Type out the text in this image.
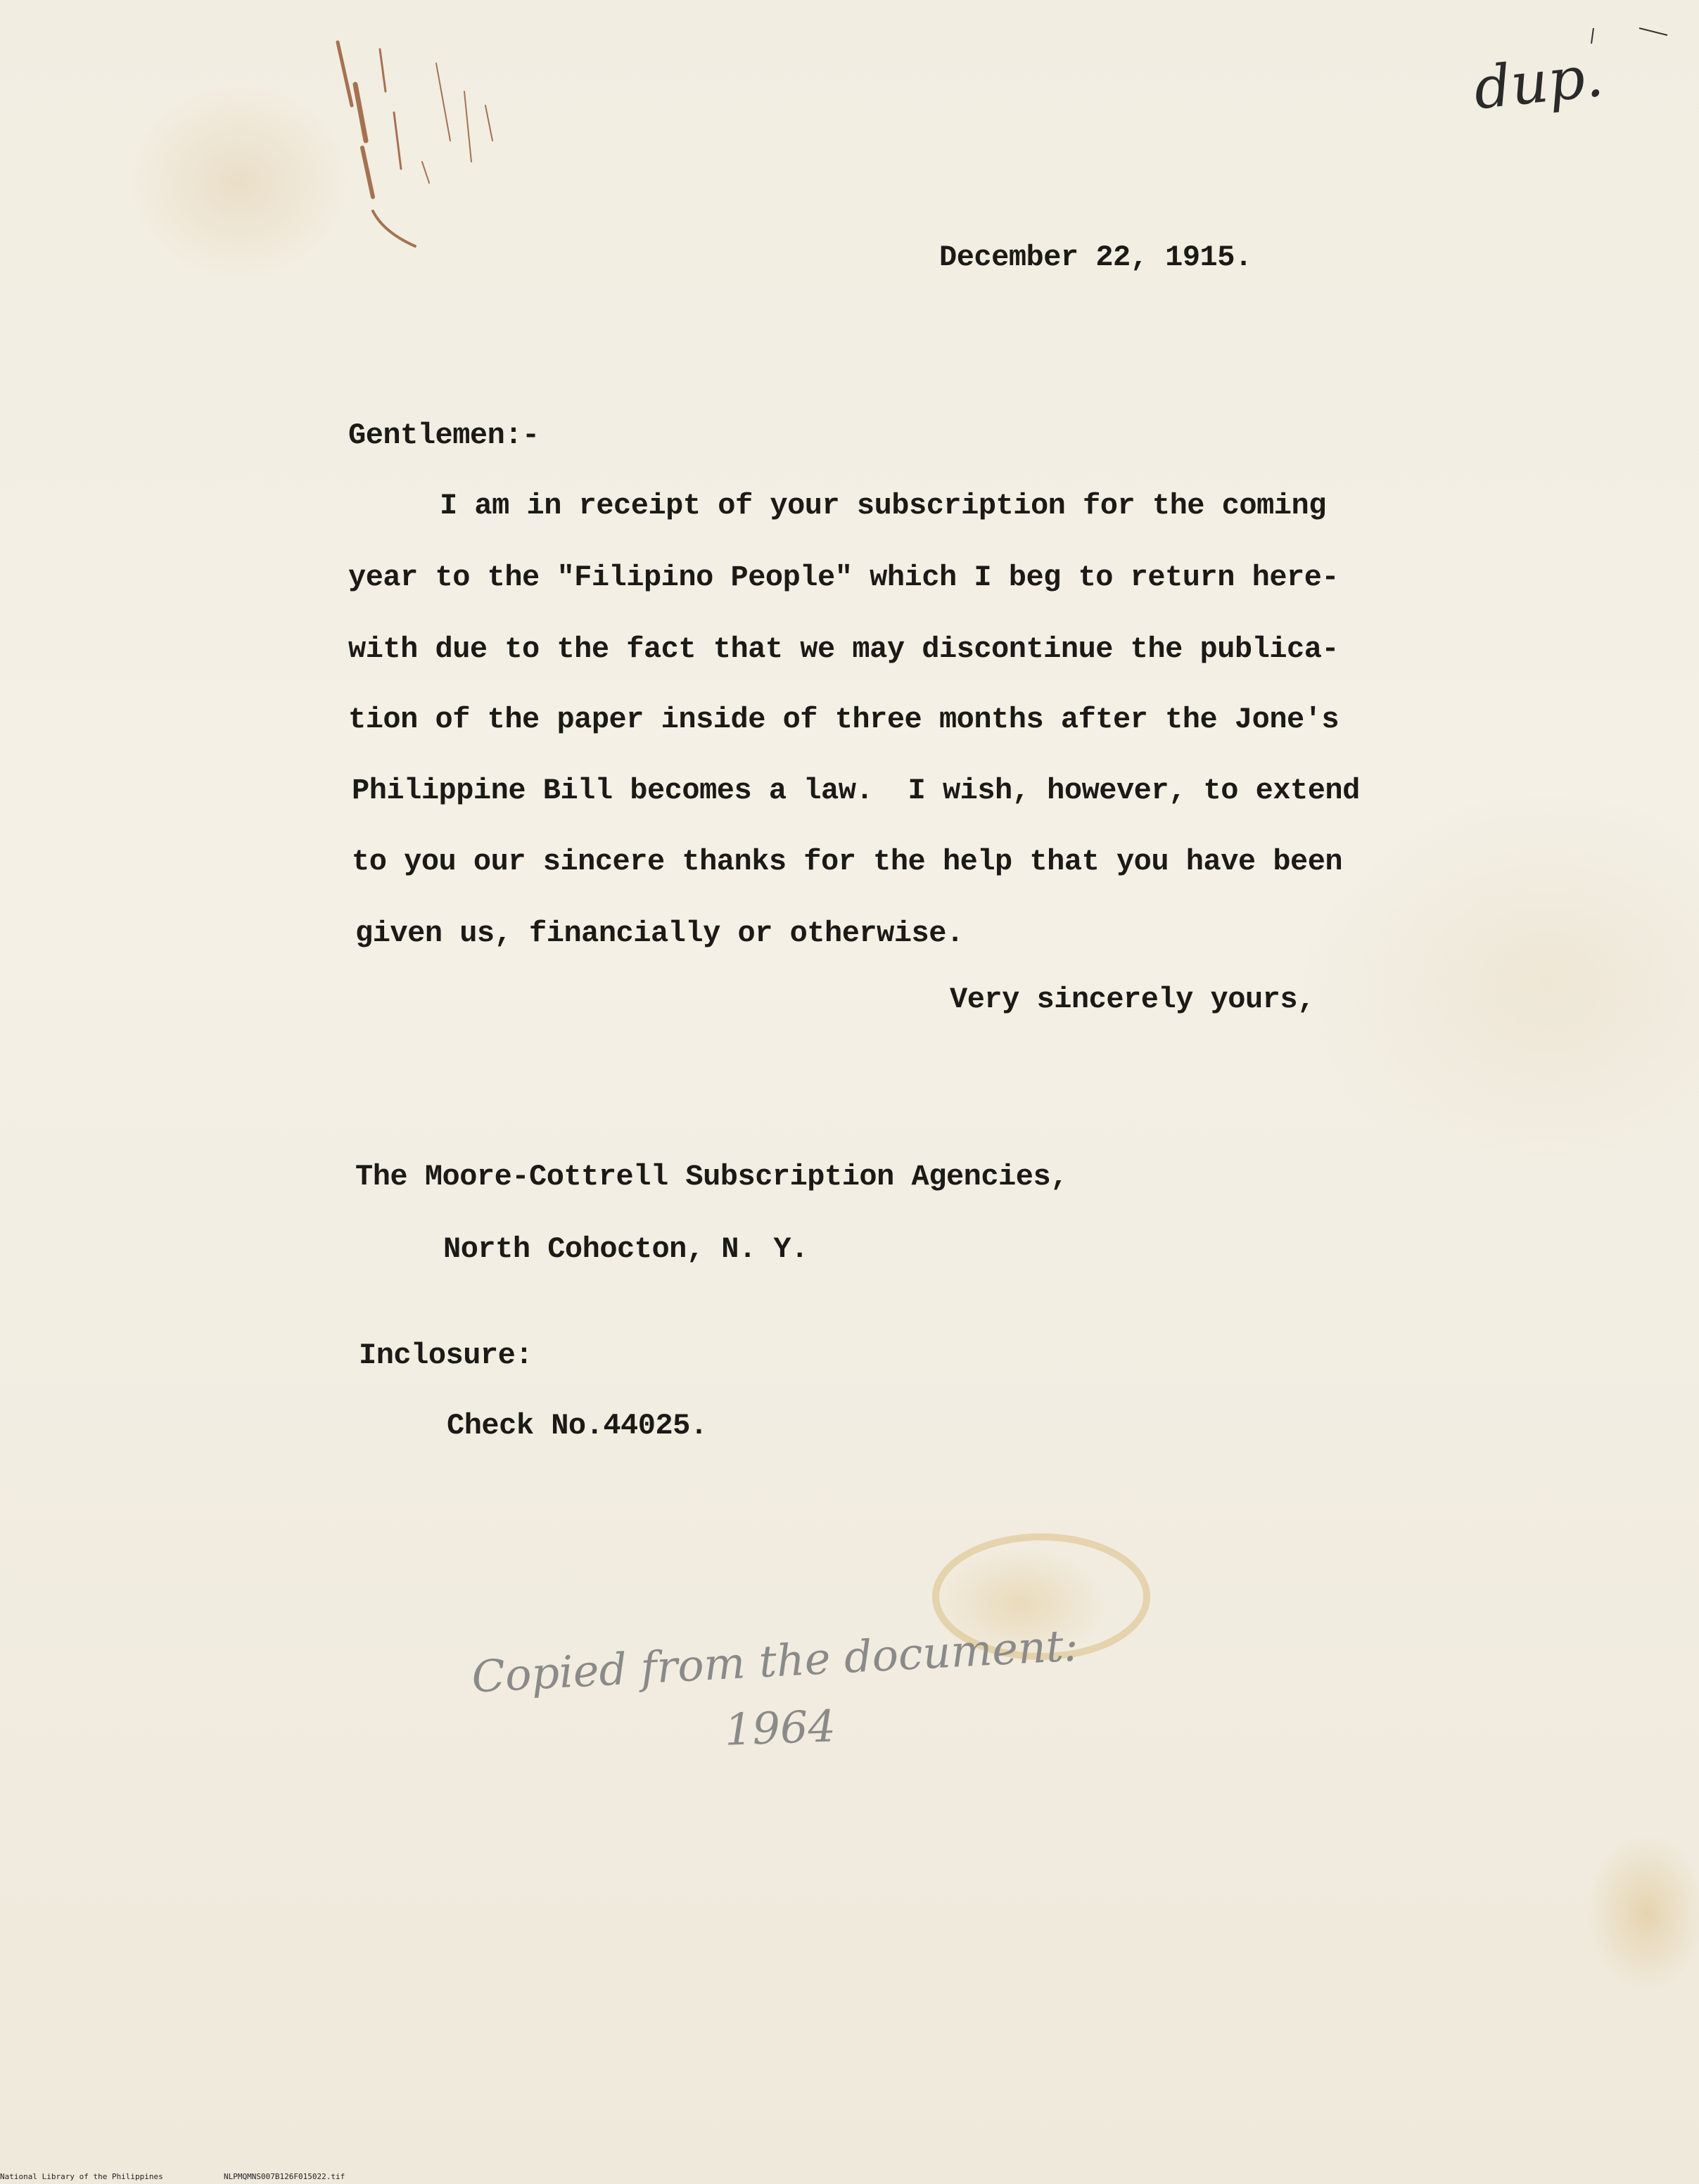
dup.
December 22, 1915.
Gentlemen:-
I am in receipt of your subscription for the coming
year to the "Filipino People" which I beg to return here-
with due to the fact that we may discontinue the publica-
tion of the paper inside of three months after the Jone's
Philippine Bill becomes a law.  I wish, however, to extend
to you our sincere thanks for the help that you have been
given us, financially or otherwise.
Very sincerely yours,
The Moore-Cottrell Subscription Agencies,
North Cohocton, N. Y.
Inclosure:
Check No.44025.
Copied from the document:
1964
National Library of the Philippines	NLPMQMNS007B126F015022.tif
